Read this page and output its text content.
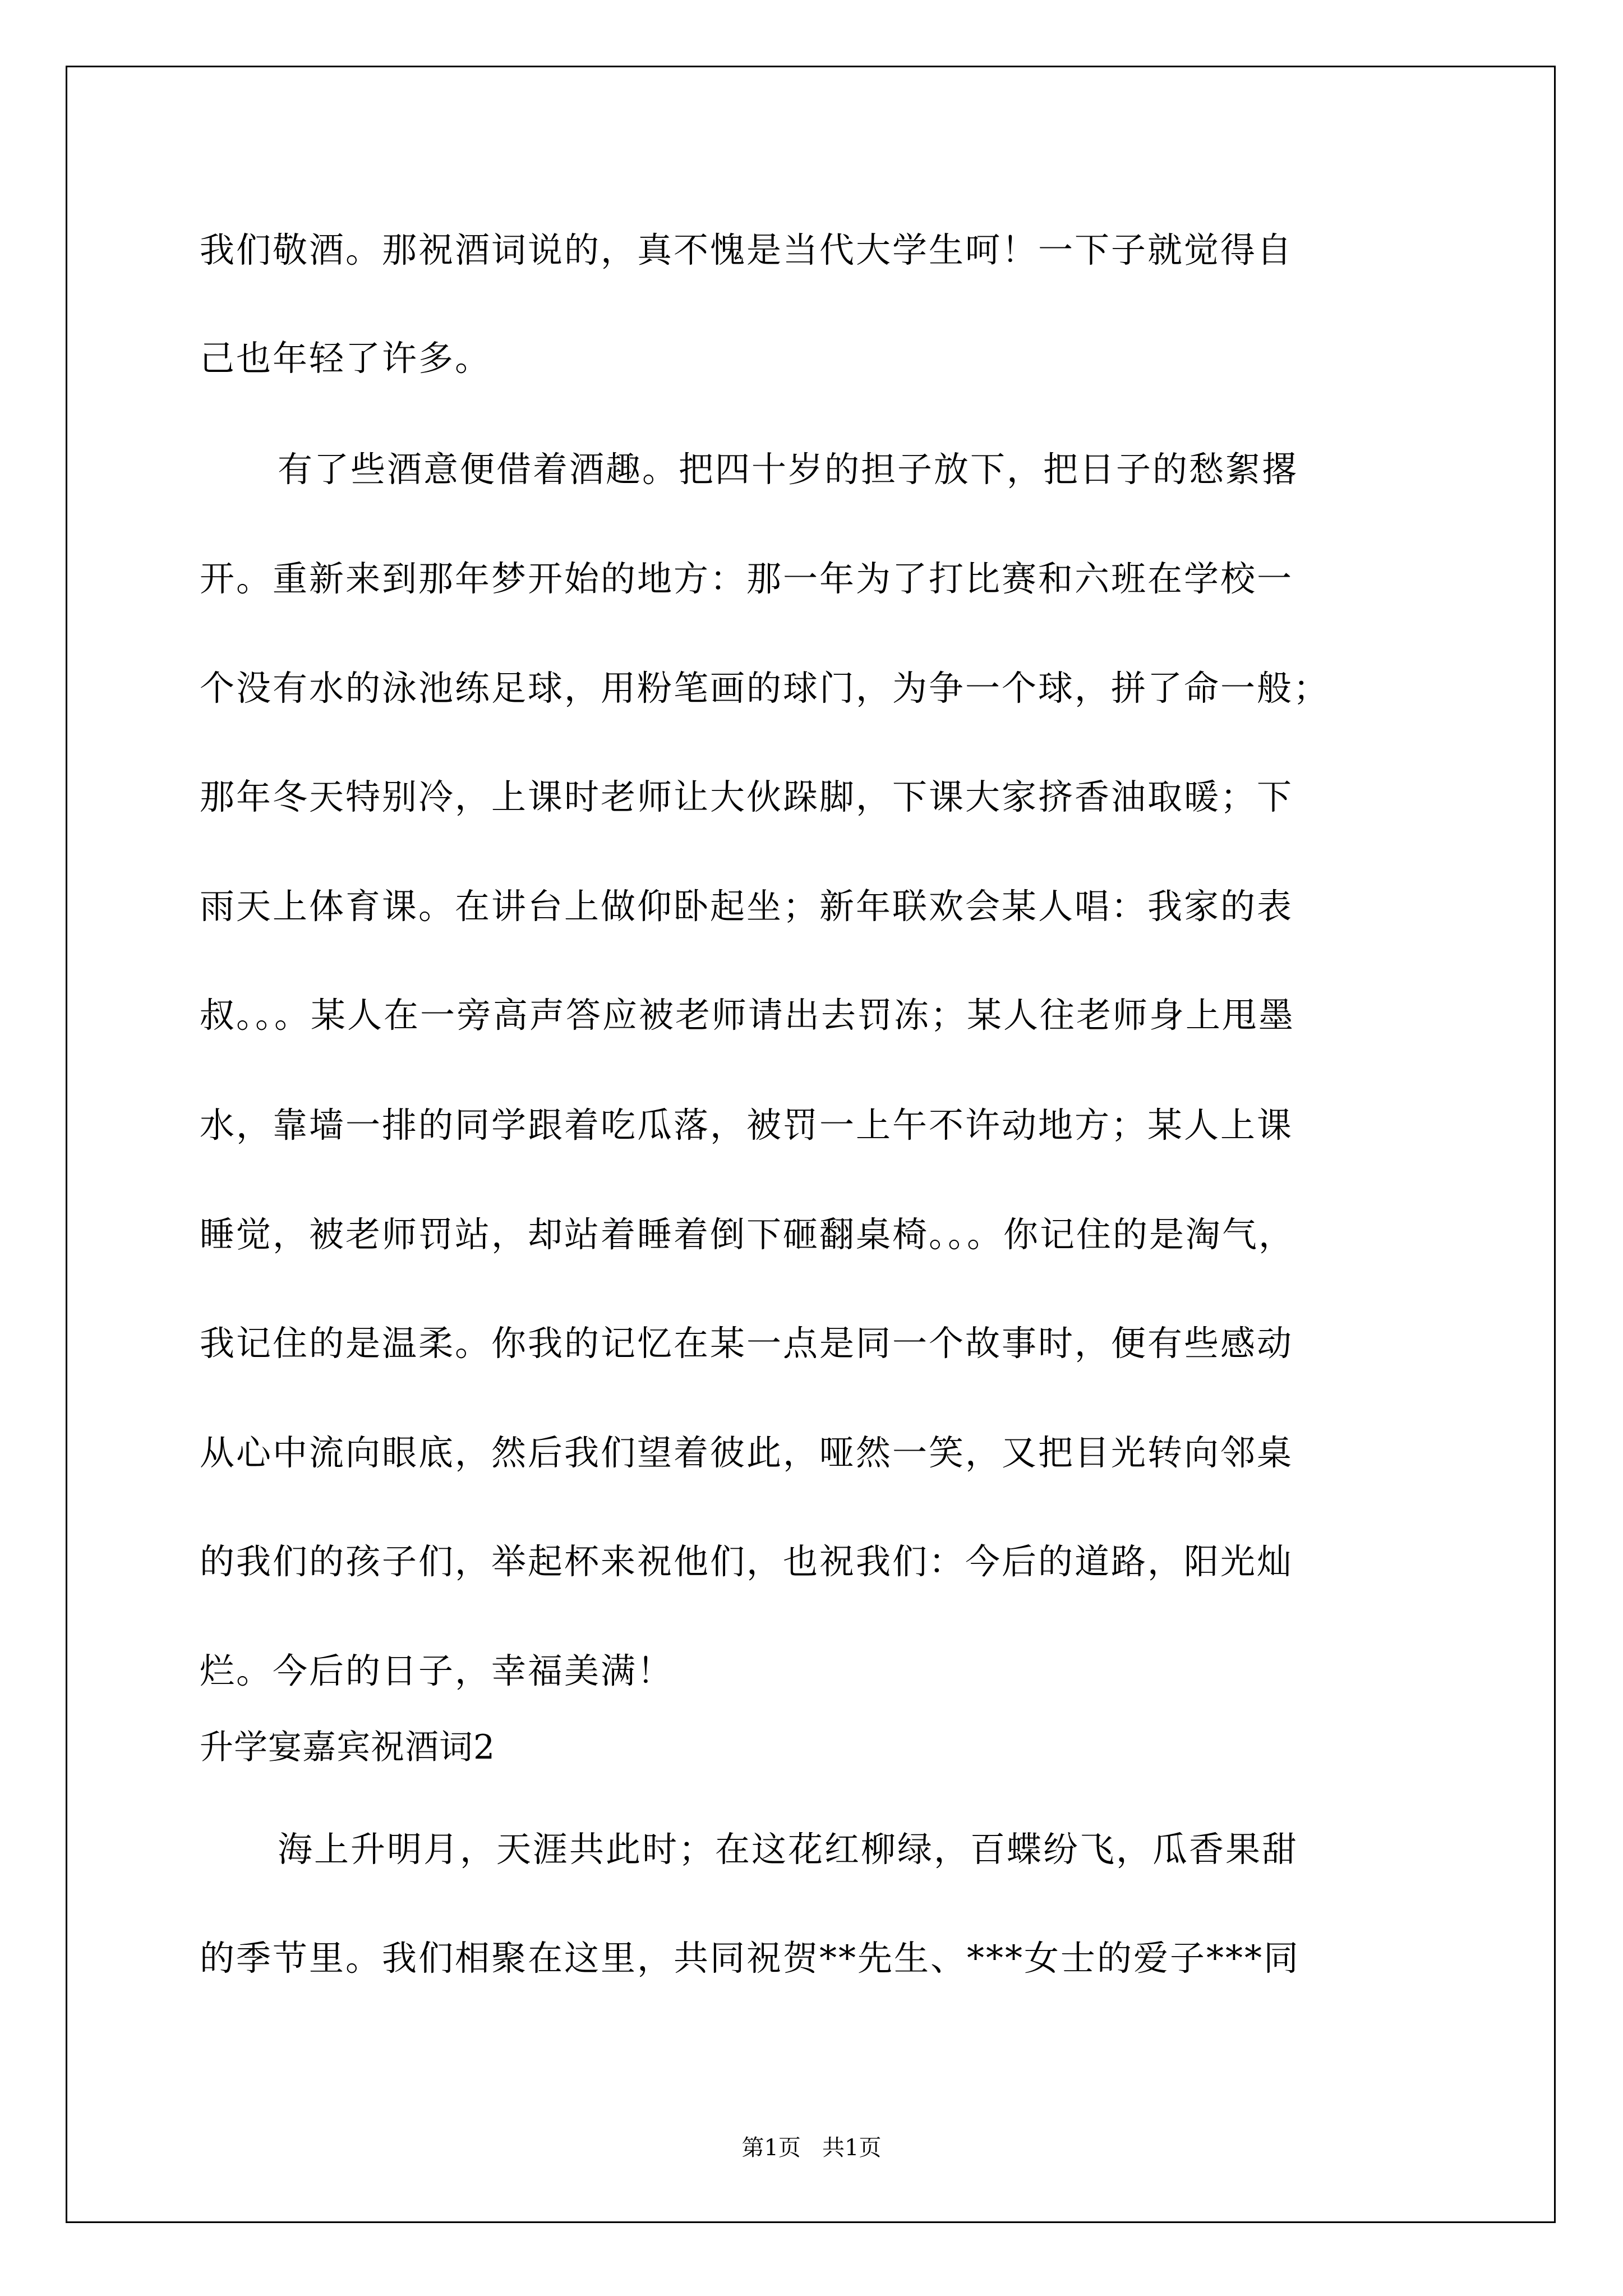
我们敬酒。那祝酒词说的，真不愧是当代大学生呵！一下子就觉得自
己也年轻了许多。
有了些酒意便借着酒趣。把四十岁的担子放下，把日子的愁絮撂
开。重新来到那年梦开始的地方：那一年为了打比赛和六班在学校一
个没有水的泳池练足球，用粉笔画的球门，为争一个球，拼了命一般；
那年冬天特别冷，上课时老师让大伙跺脚，下课大家挤香油取暖；下
雨天上体育课。在讲台上做仰卧起坐；新年联欢会某人唱：我家的表
叔。。。某人在一旁高声答应被老师请出去罚冻；某人往老师身上甩墨
水，靠墙一排的同学跟着吃瓜落，被罚一上午不许动地方；某人上课
睡觉，被老师罚站，却站着睡着倒下砸翻桌椅。。。你记住的是淘气，
我记住的是温柔。你我的记忆在某一点是同一个故事时，便有些感动
从心中流向眼底，然后我们望着彼此，哑然一笑，又把目光转向邻桌
的我们的孩子们，举起杯来祝他们，也祝我们：今后的道路，阳光灿
烂。今后的日子，幸福美满！
升学宴嘉宾祝酒词2
海上升明月，天涯共此时；在这花红柳绿，百蝶纷飞，瓜香果甜
的季节里。我们相聚在这里，共同祝贺**先生、***女士的爱子***同
第1页   共1页
